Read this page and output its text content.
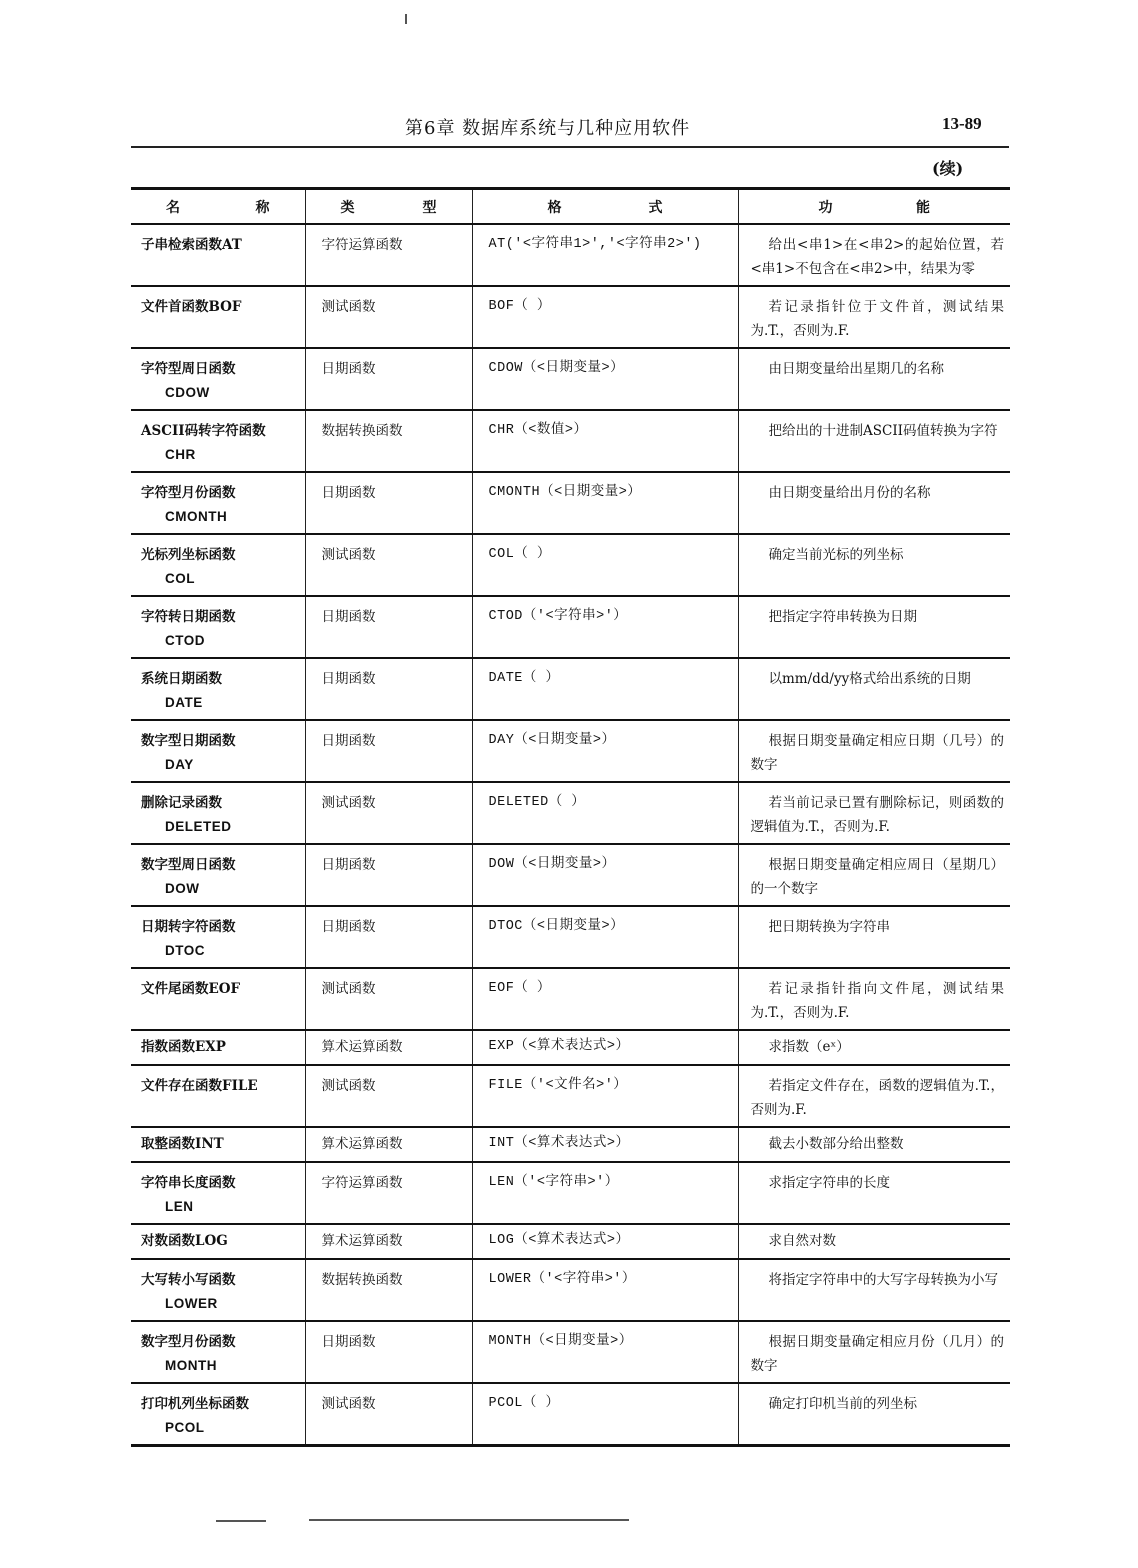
第6章 数据库系统与几种应用软件	13-89
(续)
名 称	类 型	格 式	功 能

子串检索函数AT	字符运算函数	AT('<字符串1>','<字符串2>')	给出<串1>在<串2>的起始位置，若<串1>不包含在<串2>中，结果为零
文件首函数BOF	测试函数	BOF（ ）	若记录指针位于文件首，测试结果为.T.，否则为.F.
字符型周日函数
CDOW	日期函数	CDOW（<日期变量>）	由日期变量给出星期几的名称
ASCII码转字符函数
CHR	数据转换函数	CHR（<数值>）	把给出的十进制ASCII码值转换为字符
字符型月份函数
CMONTH	日期函数	CMONTH（<日期变量>）	由日期变量给出月份的名称
光标列坐标函数
COL	测试函数	COL（ ）	确定当前光标的列坐标
字符转日期函数
CTOD	日期函数	CTOD（'<字符串>'）	把指定字符串转换为日期
系统日期函数
DATE	日期函数	DATE（ ）	以mm/dd/yy格式给出系统的日期
数字型日期函数
DAY	日期函数	DAY（<日期变量>）	根据日期变量确定相应日期（几号）的数字
删除记录函数
DELETED	测试函数	DELETED（ ）	若当前记录已置有删除标记，则函数的逻辑值为.T.，否则为.F.
数字型周日函数
DOW	日期函数	DOW（<日期变量>）	根据日期变量确定相应周日（星期几）的一个数字
日期转字符函数
DTOC	日期函数	DTOC（<日期变量>）	把日期转换为字符串
文件尾函数EOF	测试函数	EOF（ ）	若记录指针指向文件尾，测试结果为.T.，否则为.F.
指数函数EXP	算术运算函数	EXP（<算术表达式>）	求指数（eˣ）
文件存在函数FILE	测试函数	FILE（'<文件名>'）	若指定文件存在，函数的逻辑值为.T.，否则为.F.
取整函数INT	算术运算函数	INT（<算术表达式>）	截去小数部分给出整数
字符串长度函数
LEN	字符运算函数	LEN（'<字符串>'）	求指定字符串的长度
对数函数LOG	算术运算函数	LOG（<算术表达式>）	求自然对数
大写转小写函数
LOWER	数据转换函数	LOWER（'<字符串>'）	将指定字符串中的大写字母转换为小写
数字型月份函数
MONTH	日期函数	MONTH（<日期变量>）	根据日期变量确定相应月份（几月）的数字
打印机列坐标函数
PCOL	测试函数	PCOL（ ）	确定打印机当前的列坐标
